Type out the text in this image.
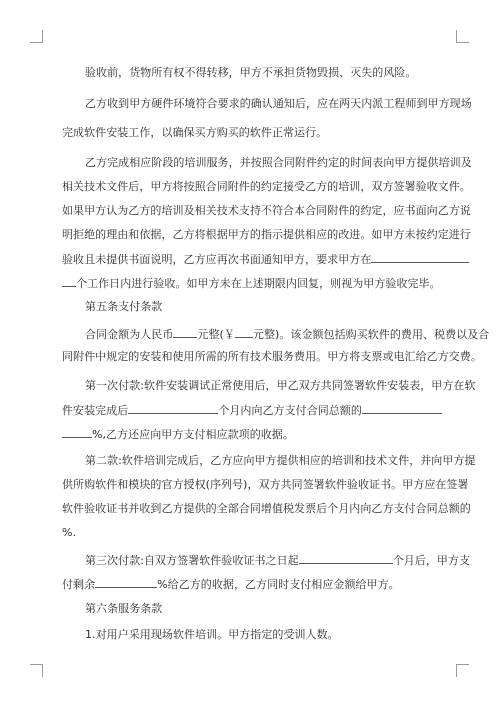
验收前，货物所有权不得转移，甲方不承担货物毁损、灭失的风险。
乙方收到甲方硬件环境符合要求的确认通知后，应在两天内派工程师到甲方现场
完成软件安装工作，以确保买方购买的软件正常运行。
乙方完成相应阶段的培训服务，并按照合同附件约定的时间表向甲方提供培训及
相关技术文件后，甲方将按照合同附件的约定接受乙方的培训，双方签署验收文件。
如果甲方认为乙方的培训及相关技术支持不符合本合同附件的约定，应书面向乙方说
明拒绝的理由和依据，乙方将根据甲方的指示提供相应的改进。如甲方未按约定进行
验收且未提供书面说明，乙方应再次书面通知甲方，要求甲方在
个工作日内进行验收。如甲方未在上述期限内回复，则视为甲方验收完毕。
第五条支付条款
合同金额为人民币 元整(￥ 元整)。该金额包括购买软件的费用、税费以及合
同附件中规定的安装和使用所需的所有技术服务费用。甲方将支票或电汇给乙方交费。
第一次付款:软件安装调试正常使用后，甲乙双方共同签署软件安装表，甲方在软
件安装完成后	个月内向乙方支付合同总额的
%,乙方还应向甲方支付相应款项的收据。
第二款:软件培训完成后，乙方应向甲方提供相应的培训和技术文件，并向甲方提
供所购软件和模块的官方授权(序列号)，双方共同签署软件验收证书。甲方应在签署
软件验收证书并收到乙方提供的全部合同增值税发票后个月内向乙方支付合同总额的
%.
第三次付款:自双方签署软件验收证书之日起	个月后，甲方支
付剩余	%给乙方的收据，乙方同时支付相应金额给甲方。
第六条服务条款
1.对用户采用现场软件培训。甲方指定的受训人数。
